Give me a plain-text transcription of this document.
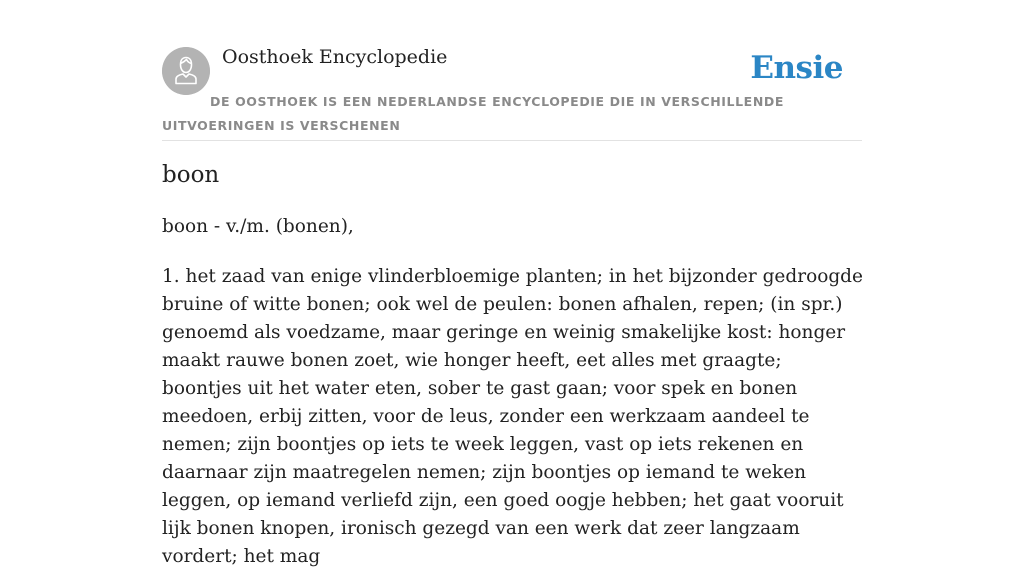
Oosthoek Encyclopedie	Ensie
DE OOSTHOEK IS EEN NEDERLANDSE ENCYCLOPEDIE DIE IN VERSCHILLENDE UITVOERINGEN IS VERSCHENEN
boon

boon - v./m. (bonen),

1. het zaad van enige vlinderbloemige planten; in het bijzonder gedroogde bruine of witte bonen; ook wel de peulen: bonen afhalen, repen; (in spr.) genoemd als voedzame, maar geringe en weinig smakelijke kost: honger maakt rauwe bonen zoet, wie honger heeft, eet alles met graagte; boontjes uit het water eten, sober te gast gaan; voor spek en bonen meedoen, erbij zitten, voor de leus, zonder een werkzaam aandeel te nemen; zijn boontjes op iets te week leggen, vast op iets rekenen en daarnaar zijn maatregelen nemen; zijn boontjes op iemand te weken leggen, op iemand verliefd zijn, een goed oogje hebben; het gaat vooruit lijk bonen knopen, ironisch gezegd van een werk dat zeer langzaam vordert; het mag
